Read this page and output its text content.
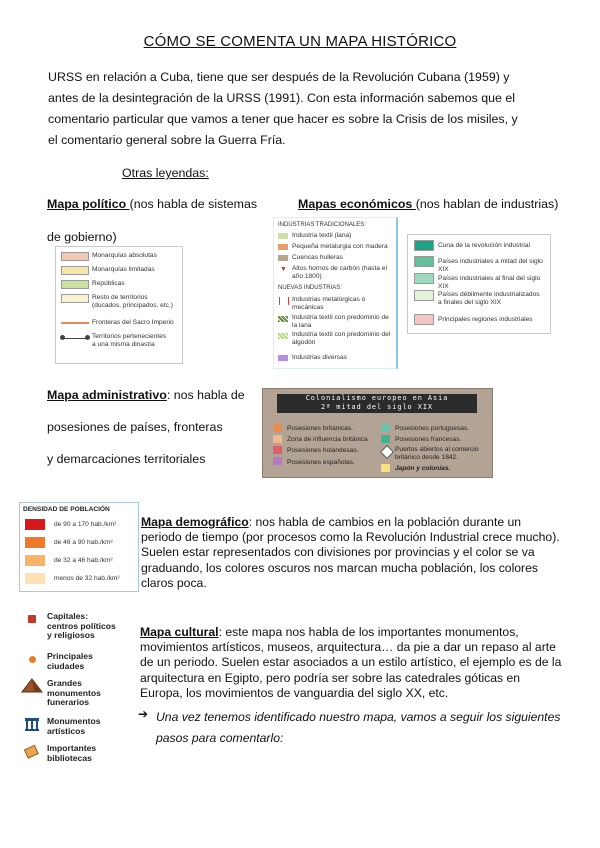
CÓMO SE COMENTA UN MAPA HISTÓRICO
URSS en relación a Cuba, tiene que ser después de la Revolución Cubana (1959) y
antes de la desintegración de la URSS (1991). Con esta información sabemos que el
comentario particular que vamos a tener que hacer es sobre la Crisis de los misiles, y
el comentario general sobre la Guerra Fría.
Otras leyendas:
Mapa político (nos habla de sistemas
de gobierno)
Monarquías absolutas
Monarquías limitadas
Repúblicas
Resto de territorios
(ducados, principados, etc.)
Fronteras del Sacro Imperio
Territorios pertenecientes
a una misma dinastía
Mapas económicos (nos hablan de industrias)
INDUSTRIAS TRADICIONALES:
Industria textil (lana)
Pequeña metalurgia con madera
Cuencas hulleras
▼ Altos hornos de carbón (hasta el año 1800)
NUEVAS INDUSTRIAS:
Industrias metalúrgicas o mecánicas
Industria textil con predominio de la lana
Industria textil con predominio del algodón
Industrias diversas
Cuna de la revolución industrial
Países industriales a mitad del siglo XIX
Países industriales al final del siglo XIX
Países débilmente industrializados
a finales del siglo XIX
Principales regiones industriales
Mapa administrativo: nos habla de
posesiones de países, fronteras
y demarcaciones territoriales
Colonialismo europeo en Asia
2ª mitad del siglo XIX
Posesiones británicas.
Zona de influencia británica
Posesiones holandesas.
Posesiones españolas.
Posesiones portuguesas.
Posesiones francesas.
Puertos abiertos al comercio británico desde 1842.
Japón y colonias.
DENSIDAD DE POBLACIÓN
de 90 a 170 hab./km²
de 46 a 90 hab./km²
de 32 a 46 hab./km²
menos de 32 hab./km²
Mapa demográfico: nos habla de cambios en la población durante un
periodo de tiempo (por procesos como la Revolución Industrial crece mucho).
Suelen estar representados con divisiones por provincias y el color se va
graduando, los colores oscuros nos marcan mucha población, los colores
claros poca.
Capitales:
centros políticos
y religiosos
Principales
ciudades
Grandes
monumentos
funerarios
Monumentos
artísticos
Importantes
bibliotecas
Mapa cultural: este mapa nos habla de los importantes monumentos,
movimientos artísticos, museos, arquitectura… da pie a dar un repaso al arte
de un periodo. Suelen estar asociados a un estilo artístico, el ejemplo es de la
arquitectura en Egipto, pero podría ser sobre las catedrales góticas en
Europa, los movimientos de vanguardia del siglo XX, etc.
➔ Una vez tenemos identificado nuestro mapa, vamos a seguir los siguientes
pasos para comentarlo:
